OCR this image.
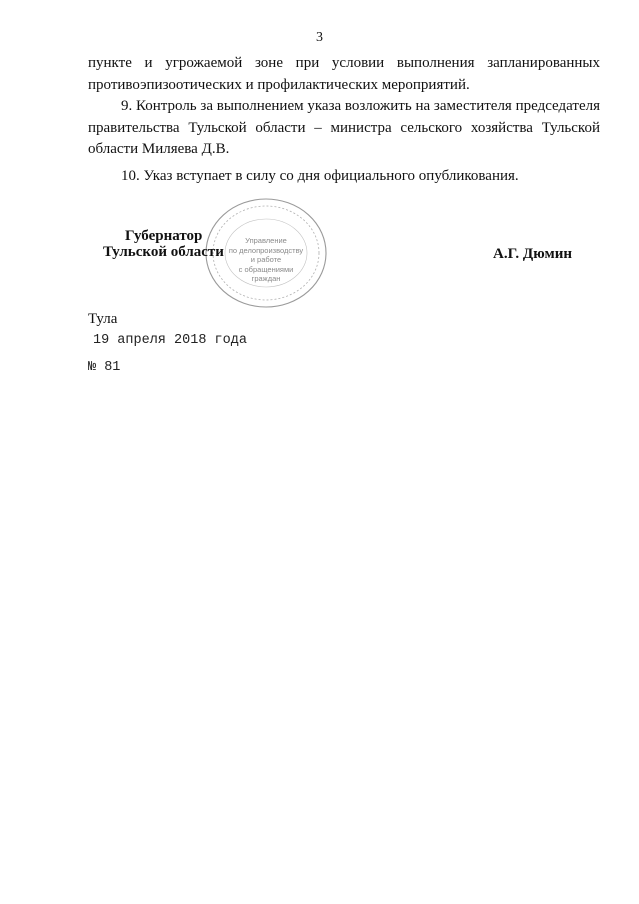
3

пункте и угрожаемой зоне при условии выполнения запланированных противоэпизоотических и профилактических мероприятий.

9. Контроль за выполнением указа возложить на заместителя председателя правительства Тульской области – министра сельского хозяйства Тульской области Миляева Д.В.

10. Указ вступает в силу со дня официального опубликования.

Управление
по делопроизводству
и работе
с обращениями
граждан
Губернатор
Тульской области	А.Г. Дюмин
Тула
19 апреля 2018 года
№ 81
